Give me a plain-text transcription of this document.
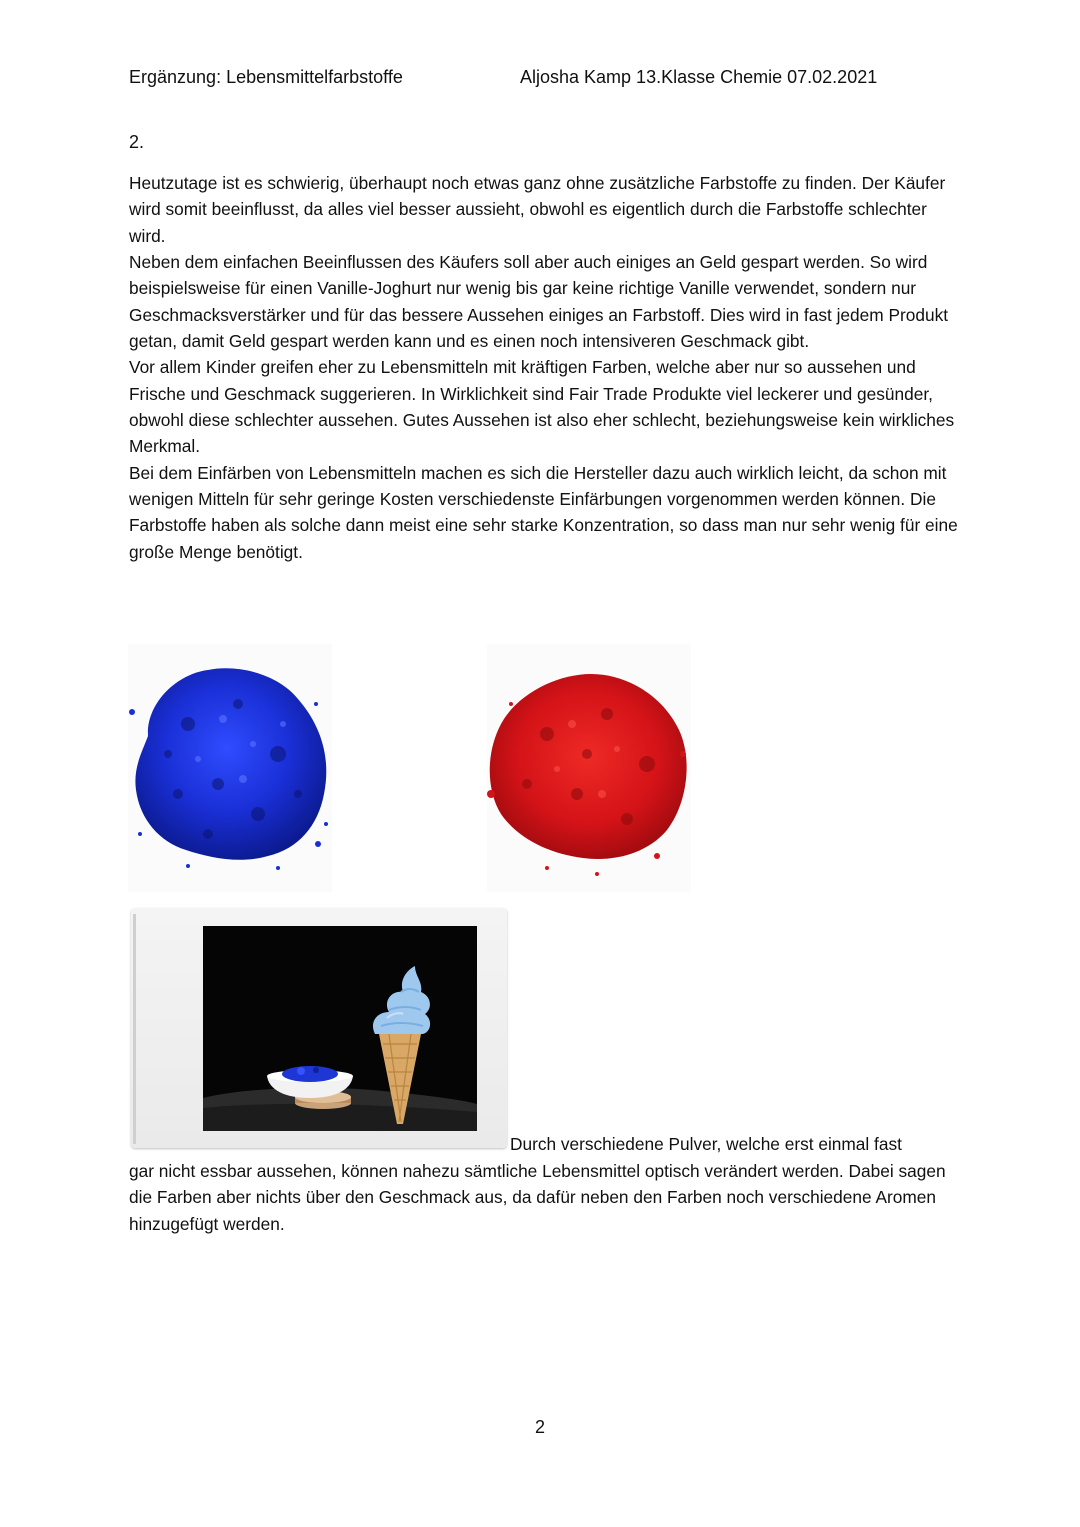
Ergänzung: Lebensmittelfarbstoffe	Aljosha Kamp 13.Klasse Chemie 07.02.2021
2.

Heutzutage ist es schwierig, überhaupt noch etwas ganz ohne zusätzliche Farbstoffe zu finden. Der Käufer wird somit beeinflusst, da alles viel besser aussieht, obwohl es eigentlich durch die Farbstoffe schlechter wird.

Neben dem einfachen Beeinflussen des Käufers soll aber auch einiges an Geld gespart werden. So wird beispielsweise für einen Vanille-Joghurt nur wenig bis gar keine richtige Vanille verwendet, sondern nur Geschmacksverstärker und für das bessere Aussehen einiges an Farbstoff. Dies wird in fast jedem Produkt getan, damit Geld gespart werden kann und es einen noch intensiveren Geschmack gibt.

Vor allem Kinder greifen eher zu Lebensmitteln mit kräftigen Farben, welche aber nur so aussehen und Frische und Geschmack suggerieren. In Wirklichkeit sind Fair Trade Produkte viel leckerer und gesünder, obwohl diese schlechter aussehen. Gutes Aussehen ist also eher schlecht, beziehungsweise kein wirkliches Merkmal.

Bei dem Einfärben von Lebensmitteln machen es sich die Hersteller dazu auch wirklich leicht, da schon mit wenigen Mitteln für sehr geringe Kosten verschiedenste Einfärbungen vorgenommen werden können. Die Farbstoffe haben als solche dann meist eine sehr starke Konzentration, so dass man nur sehr wenig für eine große Menge benötigt.

Durch verschiedene Pulver, welche erst einmal fast
gar nicht essbar aussehen, können nahezu sämtliche Lebensmittel optisch verändert werden. Dabei sagen die Farben aber nichts über den Geschmack aus, da dafür neben den Farben noch verschiedene Aromen hinzugefügt werden.
2
